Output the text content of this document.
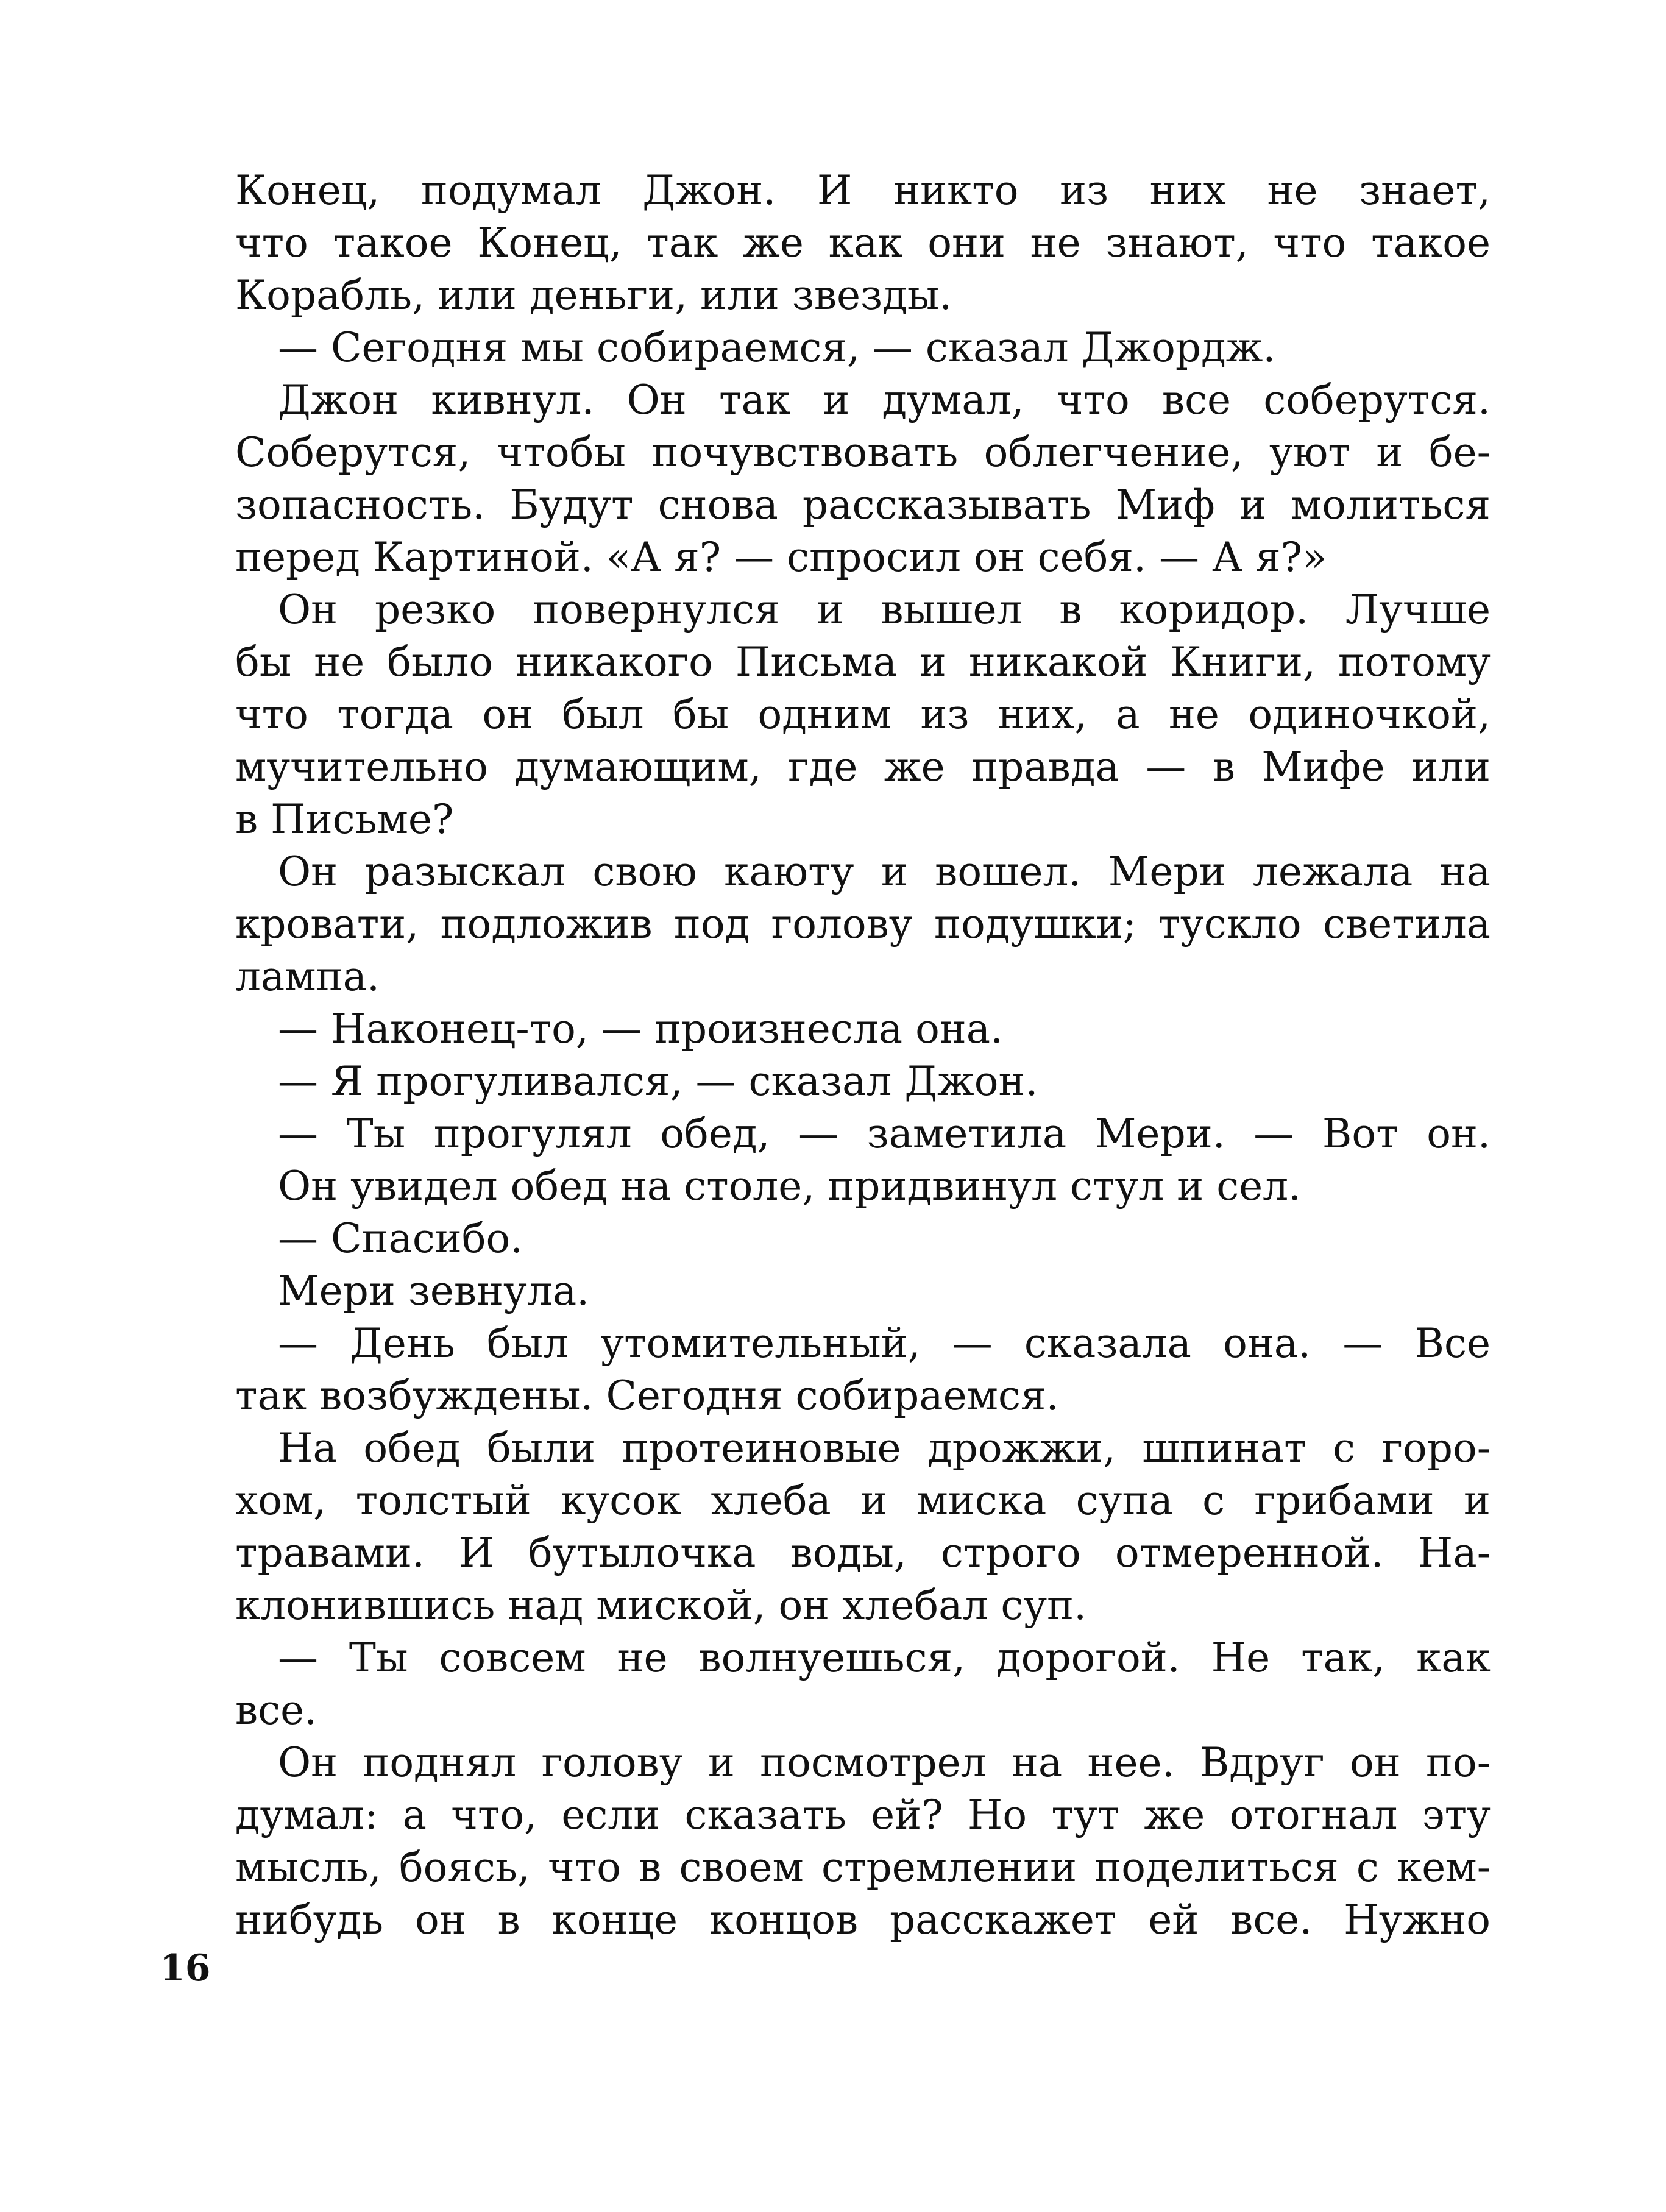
Конец, подумал Джон. И никто из них не знает,
что такое Конец, так же как они не знают, что такое
Корабль, или деньги, или звезды.
— Сегодня мы собираемся, — сказал Джордж.
Джон кивнул. Он так и думал, что все соберутся.
Соберутся, чтобы почувствовать облегчение, уют и бе-
зопасность. Будут снова рассказывать Миф и молиться
перед Картиной. «А я? — спросил он себя. — А я?»
Он резко повернулся и вышел в коридор. Лучше
бы не было никакого Письма и никакой Книги, потому
что тогда он был бы одним из них, а не одиночкой,
мучительно думающим, где же правда — в Мифе или
в Письме?
Он разыскал свою каюту и вошел. Мери лежала на
кровати, подложив под голову подушки; тускло светила
лампа.
— Наконец-то, — произнесла она.
— Я прогуливался, — сказал Джон.
— Ты прогулял обед, — заметила Мери. — Вот он.
Он увидел обед на столе, придвинул стул и сел.
— Спасибо.
Мери зевнула.
— День был утомительный, — сказала она. — Все
так возбуждены. Сегодня собираемся.
На обед были протеиновые дрожжи, шпинат с горо-
хом, толстый кусок хлеба и миска супа с грибами и
травами. И бутылочка воды, строго отмеренной. На-
клонившись над миской, он хлебал суп.
— Ты совсем не волнуешься, дорогой. Не так, как
все.
Он поднял голову и посмотрел на нее. Вдруг он по-
думал: а что, если сказать ей? Но тут же отогнал эту
мысль, боясь, что в своем стремлении поделиться с кем-
нибудь он в конце концов расскажет ей все. Нужно
16
